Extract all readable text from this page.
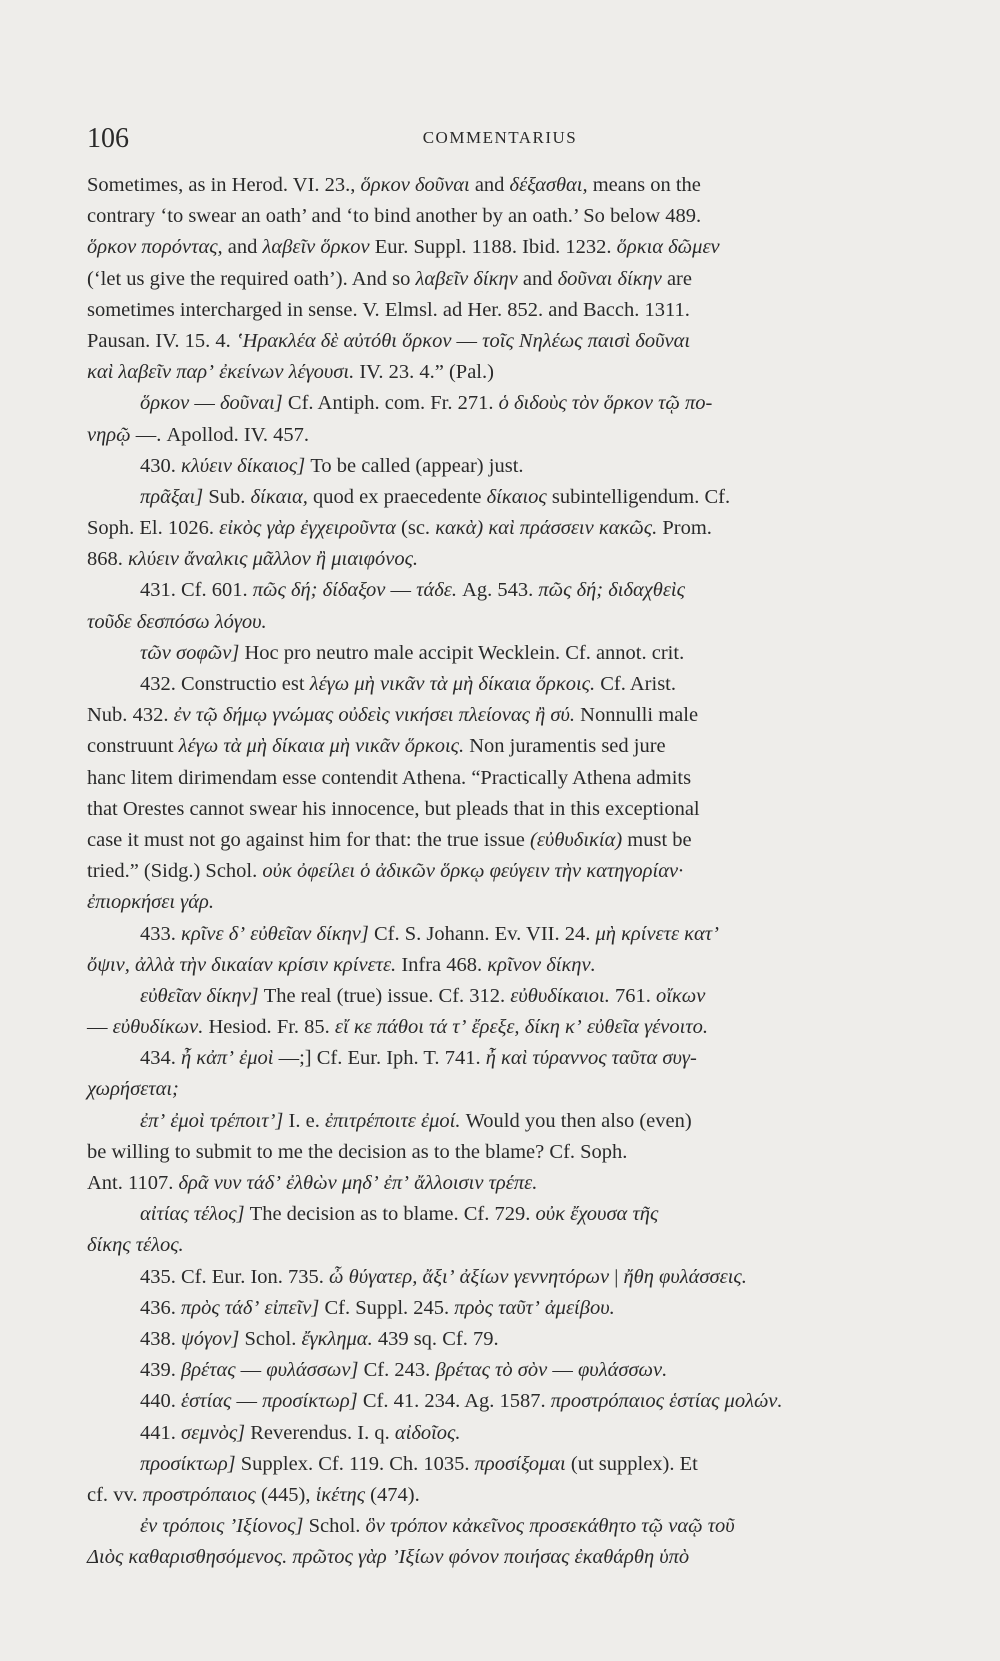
106	COMMENTARIUS
Sometimes, as in Herod. VI. 23., ὅρκον δοῦναι and δέξασθαι, means on the
contrary ‘to swear an oath’ and ‘to bind another by an oath.’ So below 489.
ὅρκον πορόντας, and λαβεῖν ὅρκον Eur. Suppl. 1188. Ibid. 1232. ὅρκια δῶμεν
(‘let us give the required oath’). And so λαβεῖν δίκην and δοῦναι δίκην are
sometimes intercharged in sense. V. Elmsl. ad Her. 852. and Bacch. 1311.
Pausan. IV. 15. 4. ʽΗρακλέα δὲ αὐτόθι ὅρκον — τοῖς Νηλέως παισὶ δοῦναι
καὶ λαβεῖν παρ’ ἐκείνων λέγουσι. IV. 23. 4.” (Pal.)
ὅρκον — δοῦναι] Cf. Antiph. com. Fr. 271. ὁ διδοὺς τὸν ὅρκον τῷ πο-
νηρῷ —. Apollod. IV. 457.
430. κλύειν δίκαιος] To be called (appear) just.
πρᾶξαι] Sub. δίκαια, quod ex praecedente δίκαιος subintelligendum. Cf.
Soph. El. 1026. εἰκὸς γὰρ ἐγχειροῦντα (sc. κακὰ) καὶ πράσσειν κακῶς. Prom.
868. κλύειν ἄναλκις μᾶλλον ἢ μιαιφόνος.
431. Cf. 601. πῶς δή; δίδαξον — τάδε. Ag. 543. πῶς δή; διδαχθεὶς
τοῦδε δεσπόσω λόγου.
τῶν σοφῶν] Hoc pro neutro male accipit Wecklein. Cf. annot. crit.
432. Constructio est λέγω μὴ νικᾶν τὰ μὴ δίκαια ὅρκοις. Cf. Arist.
Nub. 432. ἐν τῷ δήμῳ γνώμας οὐδεὶς νικήσει πλείονας ἢ σύ. Nonnulli male
construunt λέγω τὰ μὴ δίκαια μὴ νικᾶν ὅρκοις. Non juramentis sed jure
hanc litem dirimendam esse contendit Athena. “Practically Athena admits
that Orestes cannot swear his innocence, but pleads that in this exceptional
case it must not go against him for that: the true issue (εὐθυδικία) must be
tried.” (Sidg.) Schol. οὐκ ὀφείλει ὁ ἀδικῶν ὅρκῳ φεύγειν τὴν κατηγορίαν·
ἐπιορκήσει γάρ.
433. κρῖνε δ’ εὐθεῖαν δίκην] Cf. S. Johann. Ev. VII. 24. μὴ κρίνετε κατ’
ὄψιν, ἀλλὰ τὴν δικαίαν κρίσιν κρίνετε. Infra 468. κρῖνον δίκην.
εὐθεῖαν δίκην] The real (true) issue. Cf. 312. εὐθυδίκαιοι. 761. οἴκων
— εὐθυδίκων. Hesiod. Fr. 85. εἴ κε πάθοι τά τ’ ἔρεξε, δίκη κ’ εὐθεῖα γένοιτο.
434. ἦ κἀπ’ ἐμοὶ —;] Cf. Eur. Iph. T. 741. ἦ καὶ τύραννος ταῦτα συγ-
χωρήσεται;
ἐπ’ ἐμοὶ τρέποιτ’] I. e. ἐπιτρέποιτε ἐμοί. Would you then also (even)
be willing to submit to me the decision as to the blame? Cf. Soph.
Ant. 1107. δρᾶ νυν τάδ’ ἐλθὼν μηδ’ ἐπ’ ἄλλοισιν τρέπε.
αἰτίας τέλος] The decision as to blame. Cf. 729. οὐκ ἔχουσα τῆς
δίκης τέλος.
435. Cf. Eur. Ion. 735. ὦ θύγατερ, ἄξι’ ἀξίων γεννητόρων | ἤθη φυλάσσεις.
436. πρὸς τάδ’ εἰπεῖν] Cf. Suppl. 245. πρὸς ταῦτ’ ἀμείβου.
438. ψόγον] Schol. ἔγκλημα. 439 sq. Cf. 79.
439. βρέτας — φυλάσσων] Cf. 243. βρέτας τὸ σὸν — φυλάσσων.
440. ἑστίας — προσίκτωρ] Cf. 41. 234. Ag. 1587. προστρόπαιος ἑστίας μολών.
441. σεμνὸς] Reverendus. I. q. αἰδοῖος.
προσίκτωρ] Supplex. Cf. 119. Ch. 1035. προσίξομαι (ut supplex). Et
cf. vv. προστρόπαιος (445), ἱκέτης (474).
ἐν τρόποις ’Ιξίονος] Schol. ὃν τρόπον κἀκεῖνος προσεκάθητο τῷ ναῷ τοῦ
Διὸς καθαρισθησόμενος. πρῶτος γὰρ ’Ιξίων φόνον ποιήσας ἐκαθάρθη ὑπὸ
